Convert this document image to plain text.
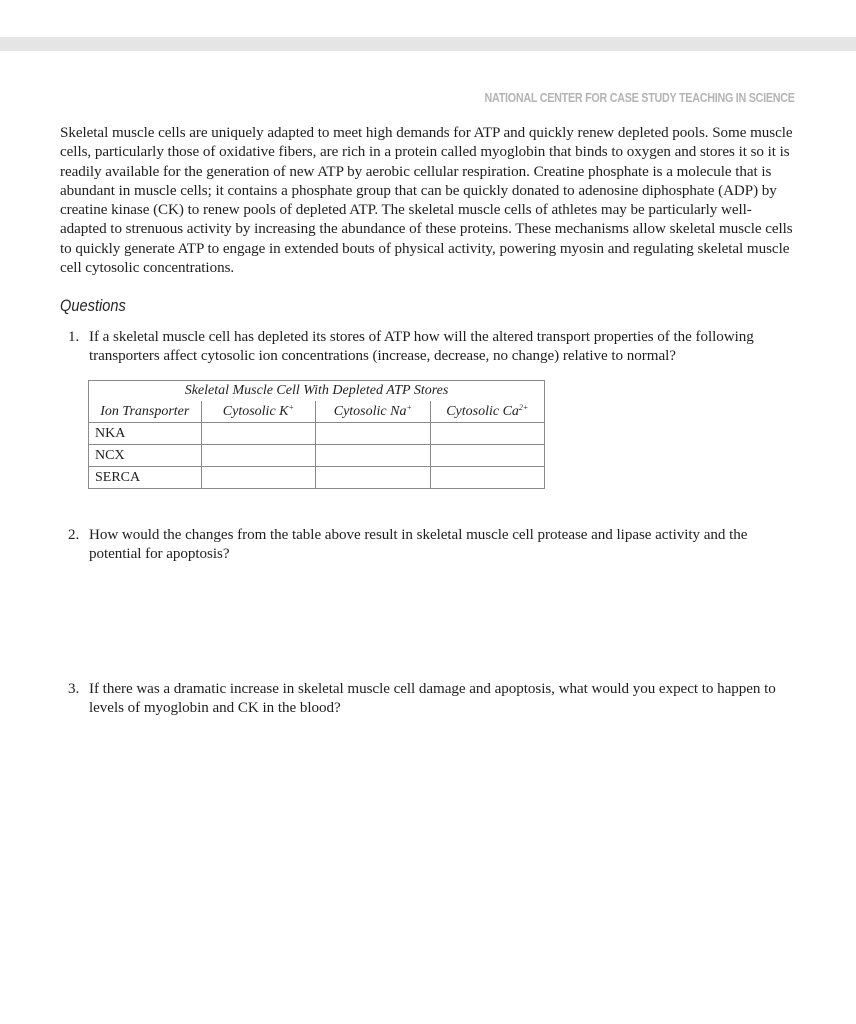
NATIONAL CENTER FOR CASE STUDY TEACHING IN SCIENCE

Skeletal muscle cells are uniquely adapted to meet high demands for ATP and quickly renew depleted pools. Some muscle cells, particularly those of oxidative fibers, are rich in a protein called myoglobin that binds to oxygen and stores it so it is readily available for the generation of new ATP by aerobic cellular respiration. Creatine phosphate is a molecule that is abundant in muscle cells; it contains a phosphate group that can be quickly donated to adenosine diphosphate (ADP) by creatine kinase (CK) to renew pools of depleted ATP. The skeletal muscle cells of athletes may be particularly well-adapted to strenuous activity by increasing the abundance of these proteins. These mechanisms allow skeletal muscle cells to quickly generate ATP to engage in extended bouts of physical activity, powering myosin and regulating skeletal muscle cell cytosolic concentrations.

Questions
1. If a skeletal muscle cell has depleted its stores of ATP how will the altered transport properties of the following transporters affect cytosolic ion concentrations (increase, decrease, no change) relative to normal?
Skeletal Muscle Cell With Depleted ATP Stores			
Ion Transporter	Cytosolic K+	Cytosolic Na+	Cytosolic $Ca^{2+}$
NKA			
NCX			
SERCA			
2. How would the changes from the table above result in skeletal muscle cell protease and lipase activity and the potential for apoptosis?
3. If there was a dramatic increase in skeletal muscle cell damage and apoptosis, what would you expect to happen to levels of myoglobin and CK in the blood?
